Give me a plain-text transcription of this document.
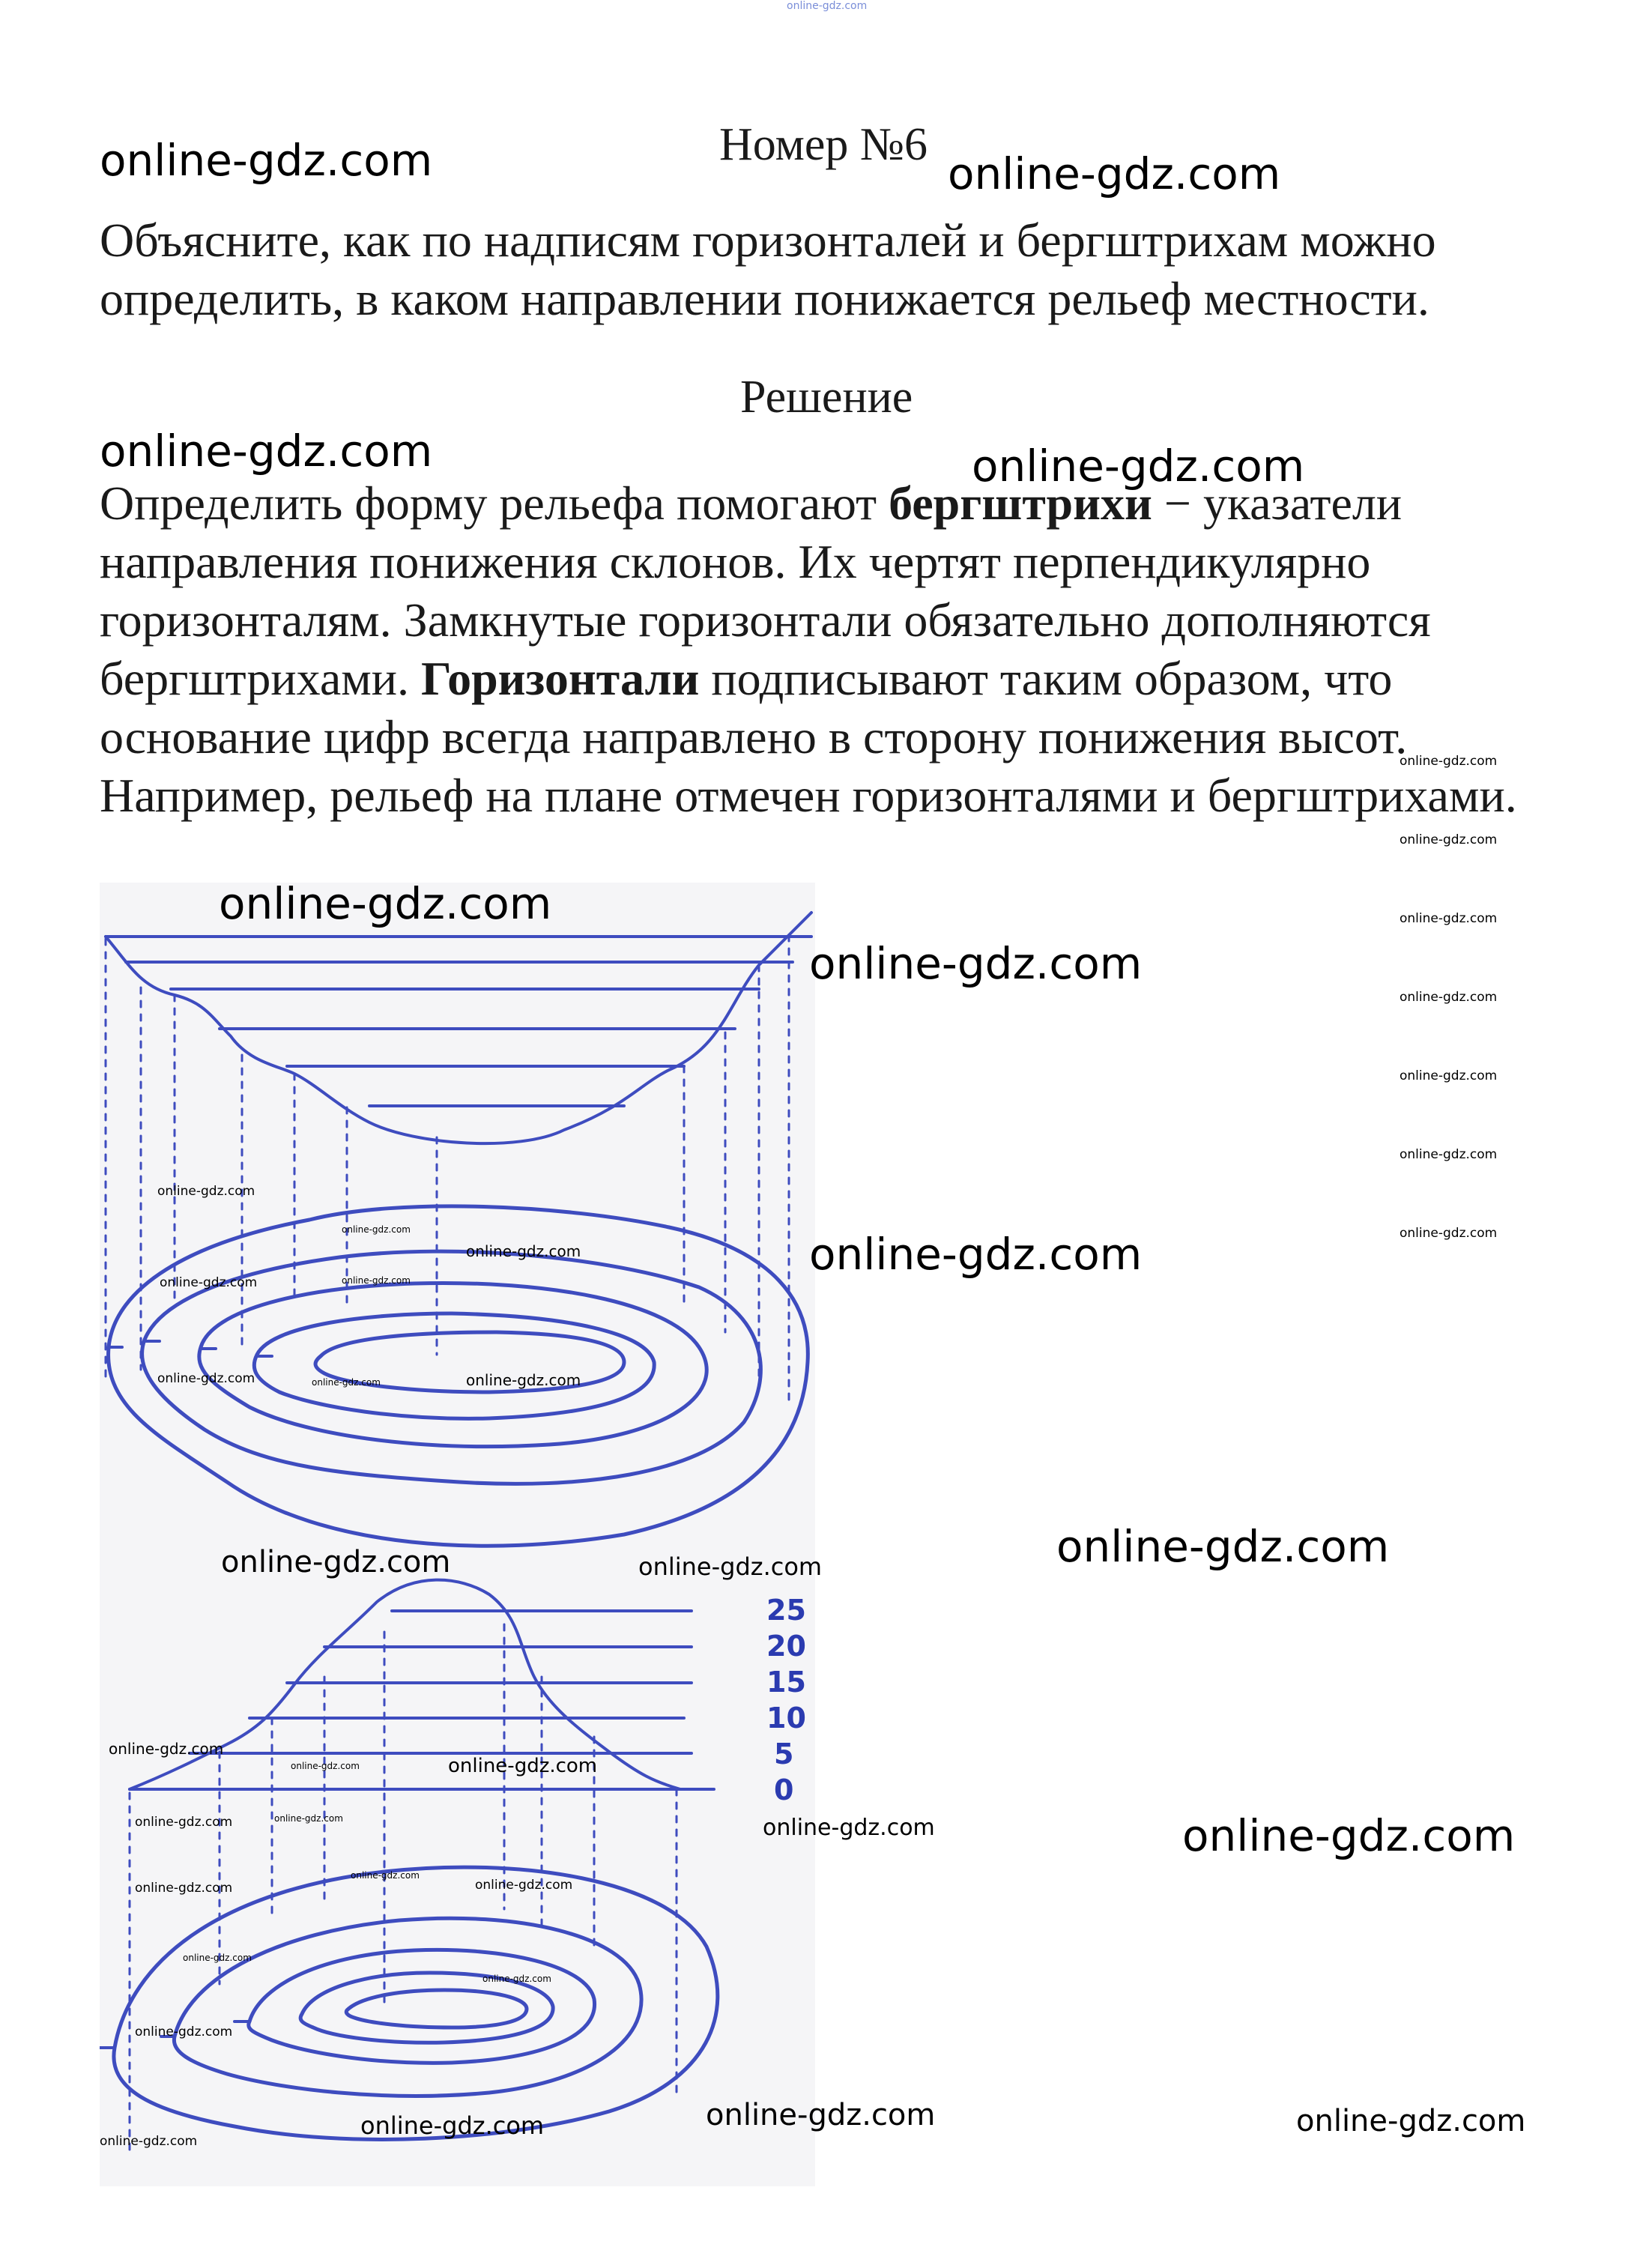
online-gdz.com
Номер №6
Объясните, как по надписям горизонталей и бергштрихам можно определить, в каком направлении понижается рельеф местности.
Решение
Определить форму рельефа помогают бергштрихи − указатели направления понижения склонов. Их чертят перпендикулярно горизонталям. Замкнутые горизонтали обязательно дополняются бергштрихами. Горизонтали подписывают таким образом, что основание цифр всегда направлено в сторону понижения высот. Например, рельеф на плане отмечен горизонталями и бергштрихами.
25
20
15
10
5
0
online-gdz.com	online-gdz.com
online-gdz.com	online-gdz.com
online-gdz.com
online-gdz.com
online-gdz.com
online-gdz.com
online-gdz.com
online-gdz.com
online-gdz.com	online-gdz.com
online-gdz.com
online-gdz.com
online-gdz.com
online-gdz.com
online-gdz.com
online-gdz.com
online-gdz.com
online-gdz.com
online-gdz.com
online-gdz.com
online-gdz.com
online-gdz.com
online-gdz.com
online-gdz.com
online-gdz.com	online-gdz.com
online-gdz.com
online-gdz.com
online-gdz.com
online-gdz.com
online-gdz.com
online-gdz.com	online-gdz.com
online-gdz.com
online-gdz.com
online-gdz.com
online-gdz.com
online-gdz.com
online-gdz.com
online-gdz.com
